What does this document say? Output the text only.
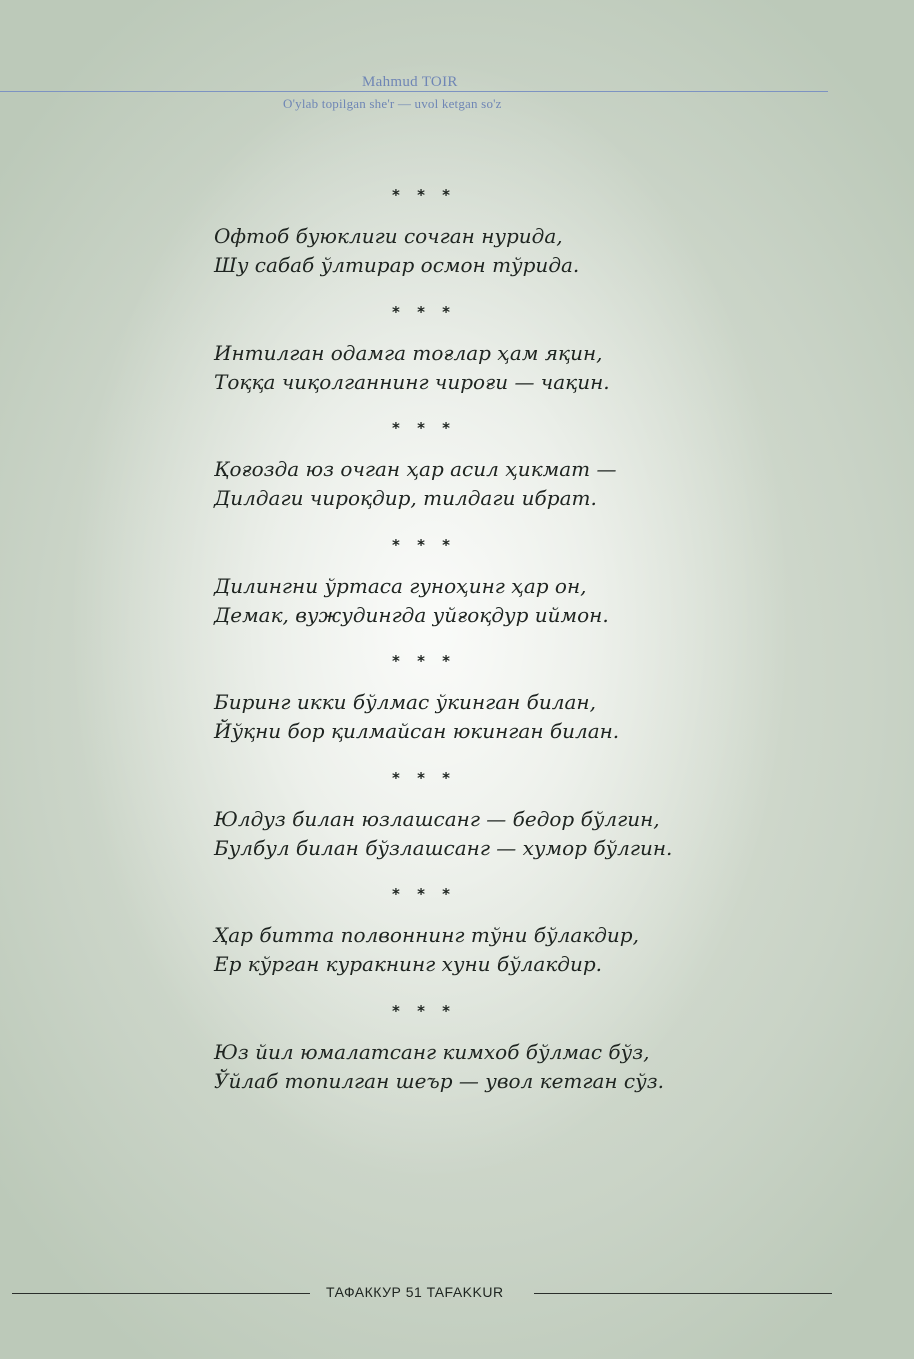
Mahmud TOIR
O'ylab topilgan she'r — uvol ketgan so'z
* * *
Офтоб буюклиги сочган нурида,
Шу сабаб ўлтирар осмон тўрида.
* * *
Интилган одамга тоғлар ҳам яқин,
Тоққа чиқолганнинг чироғи — чақин.
* * *
Қоғозда юз очган ҳар асил ҳикмат —
Дилдаги чироқдир, тилдаги ибрат.
* * *
Дилингни ўртаса гуноҳинг ҳар он,
Демак, вужудингда уйғоқдур иймон.
* * *
Биринг икки бўлмас ўкинган билан,
Йўқни бор қилмайсан юкинган билан.
* * *
Юлдуз билан юзлашсанг — бедор бўлгин,
Булбул билан бўзлашсанг — хумор бўлгин.
* * *
Ҳар битта полвоннинг тўни бўлакдир,
Ер кўрган куракнинг хуни бўлакдир.
* * *
Юз йил юмалатсанг кимхоб бўлмас бўз,
Ўйлаб топилган шеър — увол кетган сўз.
ТАФАККУР 51 TAFAKKUR
